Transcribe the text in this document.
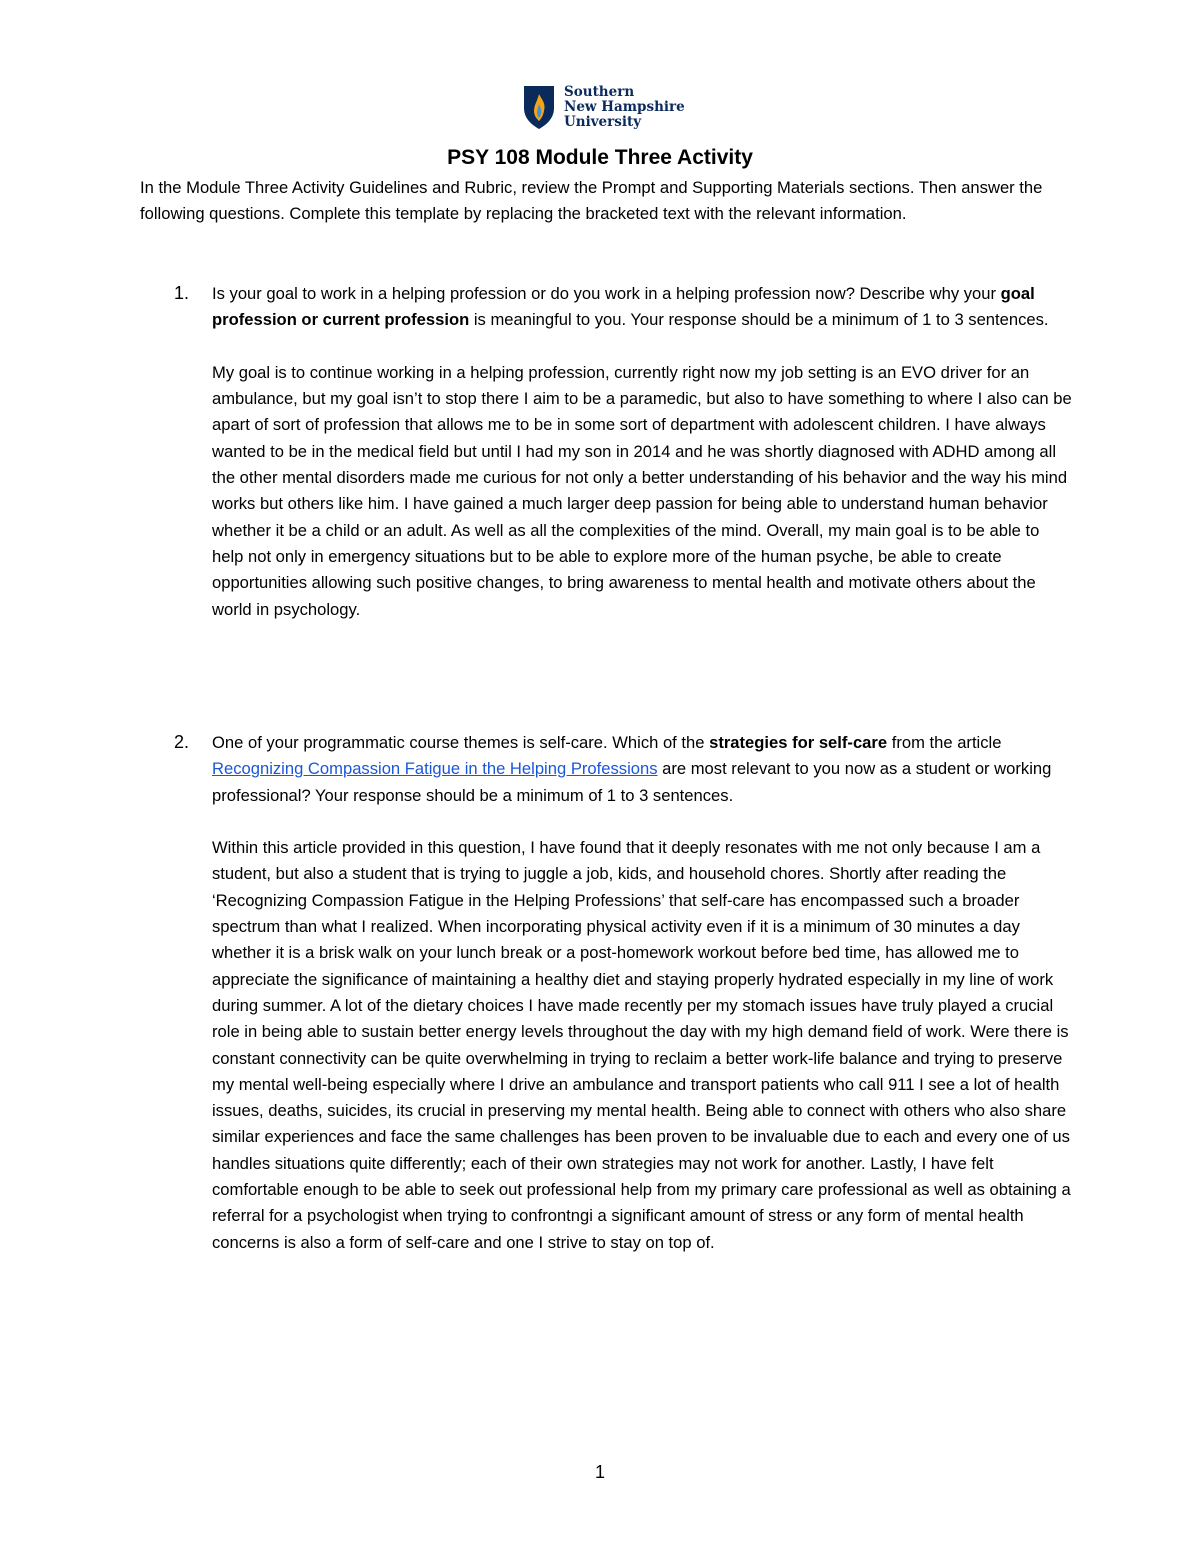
Southern
New Hampshire
University
PSY 108 Module Three Activity

In the Module Three Activity Guidelines and Rubric, review the Prompt and Supporting Materials sections. Then answer the following questions. Complete this template by replacing the bracketed text with the relevant information.

1. Is your goal to work in a helping profession or do you work in a helping profession now? Describe why your goal profession or current profession is meaningful to you. Your response should be a minimum of 1 to 3 sentences.

My goal is to continue working in a helping profession, currently right now my job setting is an EVO driver for an ambulance, but my goal isn’t to stop there I aim to be a paramedic, but also to have something to where I also can be apart of sort of profession that allows me to be in some sort of department with adolescent children. I have always wanted to be in the medical field but until I had my son in 2014 and he was shortly diagnosed with ADHD among all the other mental disorders made me curious for not only a better understanding of his behavior and the way his mind works but others like him. I have gained a much larger deep passion for being able to understand human behavior whether it be a child or an adult. As well as all the complexities of the mind. Overall, my main goal is to be able to help not only in emergency situations but to be able to explore more of the human psyche, be able to create opportunities allowing such positive changes, to bring awareness to mental health and motivate others about the world in psychology.

2. One of your programmatic course themes is self-care. Which of the strategies for self-care from the article Recognizing Compassion Fatigue in the Helping Professions are most relevant to you now as a student or working professional? Your response should be a minimum of 1 to 3 sentences.

Within this article provided in this question, I have found that it deeply resonates with me not only because I am a student, but also a student that is trying to juggle a job, kids, and household chores. Shortly after reading the ‘Recognizing Compassion Fatigue in the Helping Professions’ that self-care has encompassed such a broader spectrum than what I realized. When incorporating physical activity even if it is a minimum of 30 minutes a day whether it is a brisk walk on your lunch break or a post-homework workout before bed time, has allowed me to appreciate the significance of maintaining a healthy diet and staying properly hydrated especially in my line of work during summer. A lot of the dietary choices I have made recently per my stomach issues have truly played a crucial role in being able to sustain better energy levels throughout the day with my high demand field of work. Were there is constant connectivity can be quite overwhelming in trying to reclaim a better work-life balance and trying to preserve my mental well-being especially where I drive an ambulance and transport patients who call 911 I see a lot of health issues, deaths, suicides, its crucial in preserving my mental health. Being able to connect with others who also share similar experiences and face the same challenges has been proven to be invaluable due to each and every one of us handles situations quite differently; each of their own strategies may not work for another. Lastly, I have felt comfortable enough to be able to seek out professional help from my primary care professional as well as obtaining a referral for a psychologist when trying to confrontngi a significant amount of stress or any form of mental health concerns is also a form of self-care and one I strive to stay on top of.

1
